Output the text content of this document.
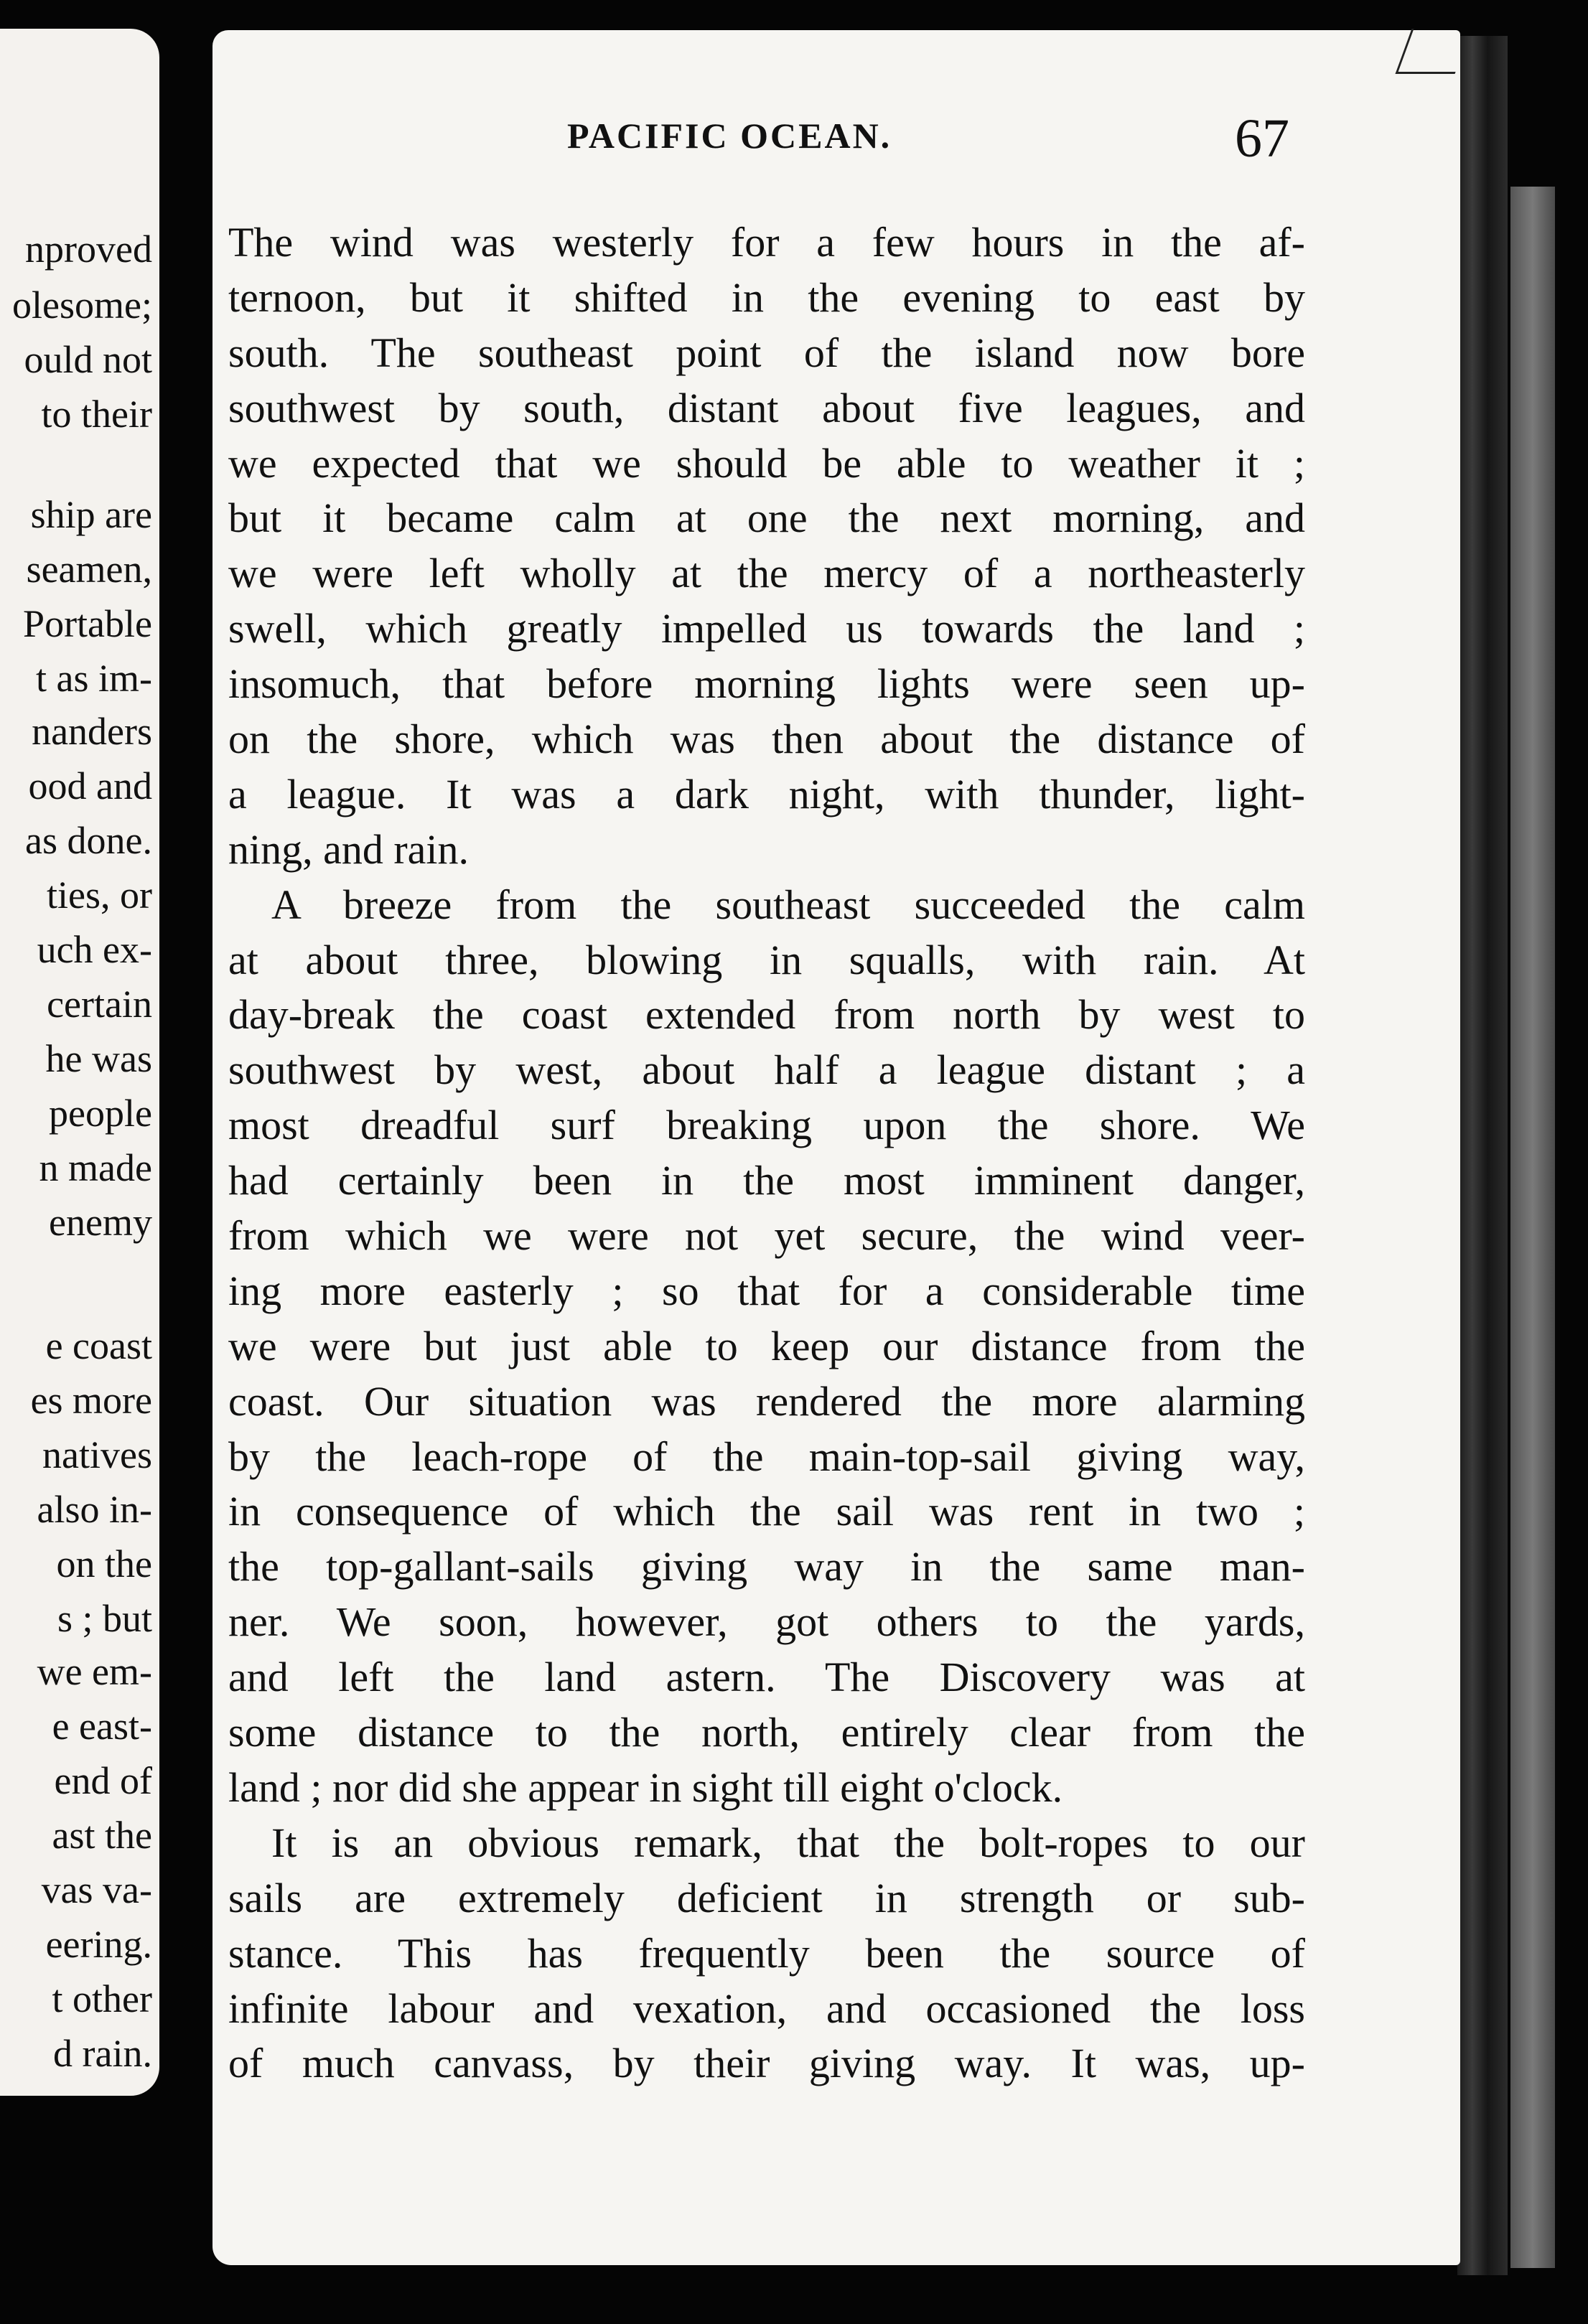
nproved
olesome;
ould not
to their
ship are
seamen,
Portable
t as im-
nanders
ood and
as done.
ties, or
uch ex-
certain
he was
people
n made
enemy
e coast
es more
natives
also in-
on the
s ; but
we em-
e east-
end of
ast the
vas va-
eering.
t other
d rain.
PACIFIC OCEAN.	67
The wind was westerly for a few hours in the af-
ternoon, but it shifted in the evening to east by
south. The southeast point of the island now bore
southwest by south, distant about five leagues, and
we expected that we should be able to weather it ;
but it became calm at one the next morning, and
we were left wholly at the mercy of a northeasterly
swell, which greatly impelled us towards the land ;
insomuch, that before morning lights were seen up-
on the shore, which was then about the distance of
a league. It was a dark night, with thunder, light-
ning, and rain.
A breeze from the southeast succeeded the calm
at about three, blowing in squalls, with rain. At
day-break the coast extended from north by west to
southwest by west, about half a league distant ; a
most dreadful surf breaking upon the shore. We
had certainly been in the most imminent danger,
from which we were not yet secure, the wind veer-
ing more easterly ; so that for a considerable time
we were but just able to keep our distance from the
coast. Our situation was rendered the more alarming
by the leach-rope of the main-top-sail giving way,
in consequence of which the sail was rent in two ;
the top-gallant-sails giving way in the same man-
ner. We soon, however, got others to the yards,
and left the land astern. The Discovery was at
some distance to the north, entirely clear from the
land ; nor did she appear in sight till eight o'clock.
It is an obvious remark, that the bolt-ropes to our
sails are extremely deficient in strength or sub-
stance. This has frequently been the source of
infinite labour and vexation, and occasioned the loss
of much canvass, by their giving way. It was, up-
